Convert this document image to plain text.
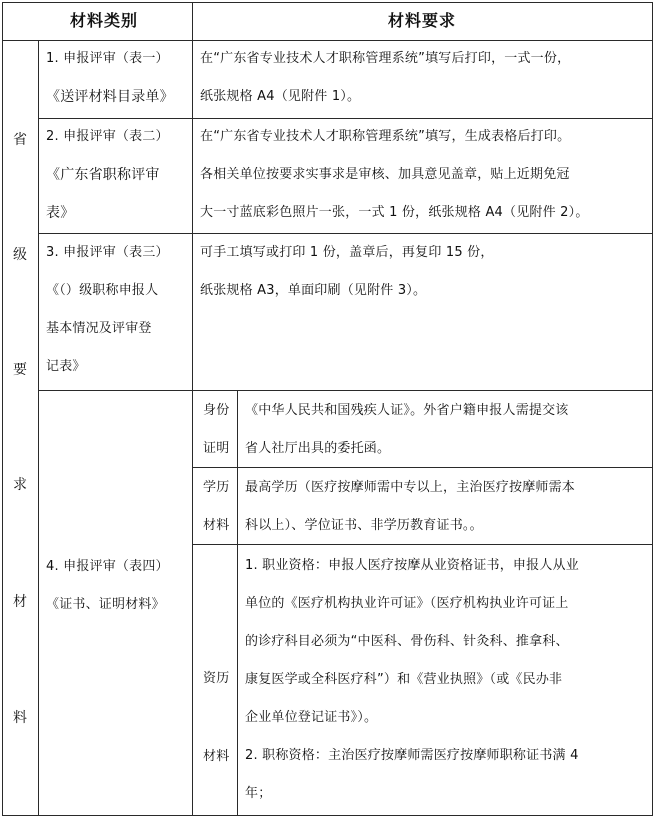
材料类别	材料要求
省
级
要
求
材
料
1. 申报评审（表一）
《送评材料目录单》
在“广东省专业技术人才职称管理系统”填写后打印，一式一份，
纸张规格 A4（见附件 1）。
2. 申报评审（表二）
《广东省职称评审
表》
在“广东省专业技术人才职称管理系统”填写，生成表格后打印。
各相关单位按要求实事求是审核、加具意见盖章，贴上近期免冠
大一寸蓝底彩色照片一张，一式 1 份，纸张规格 A4（见附件 2）。
3. 申报评审（表三）
《（）级职称申报人
基本情况及评审登
记表》
可手工填写或打印 1 份，盖章后，再复印 15 份，
纸张规格 A3，单面印刷（见附件 3）。
4. 申报评审（表四）
《证书、证明材料》
身份
证明
《中华人民共和国残疾人证》。外省户籍申报人需提交该
省人社厅出具的委托函。
学历
材料
最高学历（医疗按摩师需中专以上，主治医疗按摩师需本
科以上）、学位证书、非学历教育证书。。
资历
材料
1. 职业资格：申报人医疗按摩从业资格证书，申报人从业
单位的《医疗机构执业许可证》（医疗机构执业许可证上
的诊疗科目必须为“中医科、骨伤科、针灸科、推拿科、
康复医学或全科医疗科”）和《营业执照》（或《民办非
企业单位登记证书》）。
2. 职称资格：主治医疗按摩师需医疗按摩师职称证书满 4
年；
